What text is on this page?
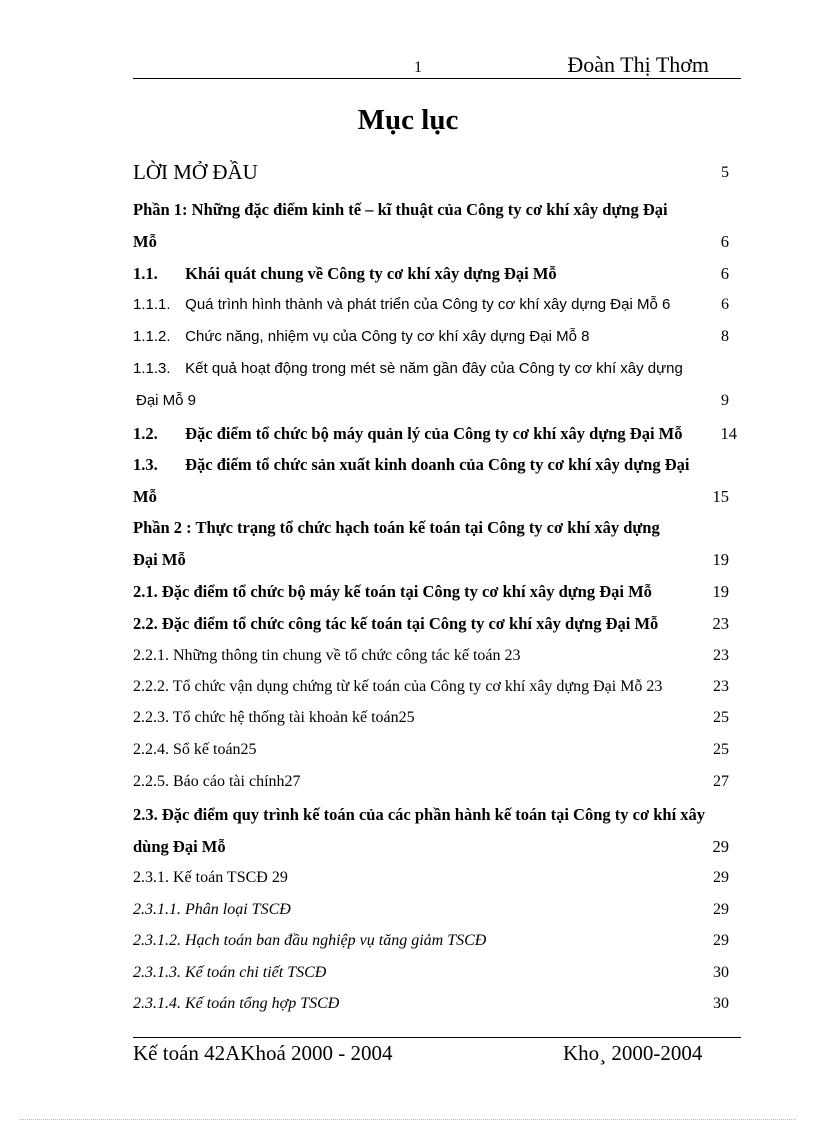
1	Đoàn Thị Thơm
Mục lục
LỜI MỞ ĐẦU	5
Phần 1: Những đặc điểm kinh tế – kĩ thuật của Công ty cơ khí xây dựng Đại
Mỗ	6
1.1. Khái quát chung về Công ty cơ khí xây dựng Đại Mỗ	6
1.1.1. Quá trình hình thành và phát triển của Công ty cơ khí xây dựng Đại Mỗ 6	6
1.1.2. Chức năng, nhiệm vụ của Công ty cơ khí xây dựng Đại Mỗ 8	8
1.1.3. Kết quả hoạt động trong mét sè năm gần đây của Công ty cơ khí xây dựng
Đại Mỗ 9	9
1.2. Đặc điểm tổ chức bộ máy quản lý của Công ty cơ khí xây dựng Đại Mỗ 14
1.3. Đặc điểm tổ chức sản xuất kinh doanh của Công ty cơ khí xây dựng Đại
Mỗ	15
Phần 2 : Thực trạng tổ chức hạch toán kế toán tại Công ty cơ khí xây dựng
Đại Mỗ	19
2.1. Đặc điểm tổ chức bộ máy kế toán tại Công ty cơ khí xây dựng Đại Mỗ	19
2.2. Đặc điểm tổ chức công tác kế toán tại Công ty cơ khí xây dựng Đại Mỗ	23
2.2.1. Những thông tin chung về tổ chức công tác kế toán 23	23
2.2.2. Tổ chức vận dụng chứng từ kế toán của Công ty cơ khí xây dựng Đại Mỗ 23	23
2.2.3. Tổ chức hệ thống tài khoản kế toán25	25
2.2.4. Sổ kế toán25	25
2.2.5. Báo cáo tài chính27	27
2.3. Đặc điểm quy trình kế toán của các phần hành kế toán tại Công ty cơ khí xây
dùng Đại Mỗ	29
2.3.1. Kế toán TSCĐ 29	29
2.3.1.1. Phân loại TSCĐ	29
2.3.1.2. Hạch toán ban đầu nghiệp vụ tăng giảm TSCĐ	29
2.3.1.3. Kế toán chi tiết TSCĐ	30
2.3.1.4. Kế toán tổng hợp TSCĐ	30
Kế toán 42AKhoá 2000 - 2004	Kho¸ 2000-2004
